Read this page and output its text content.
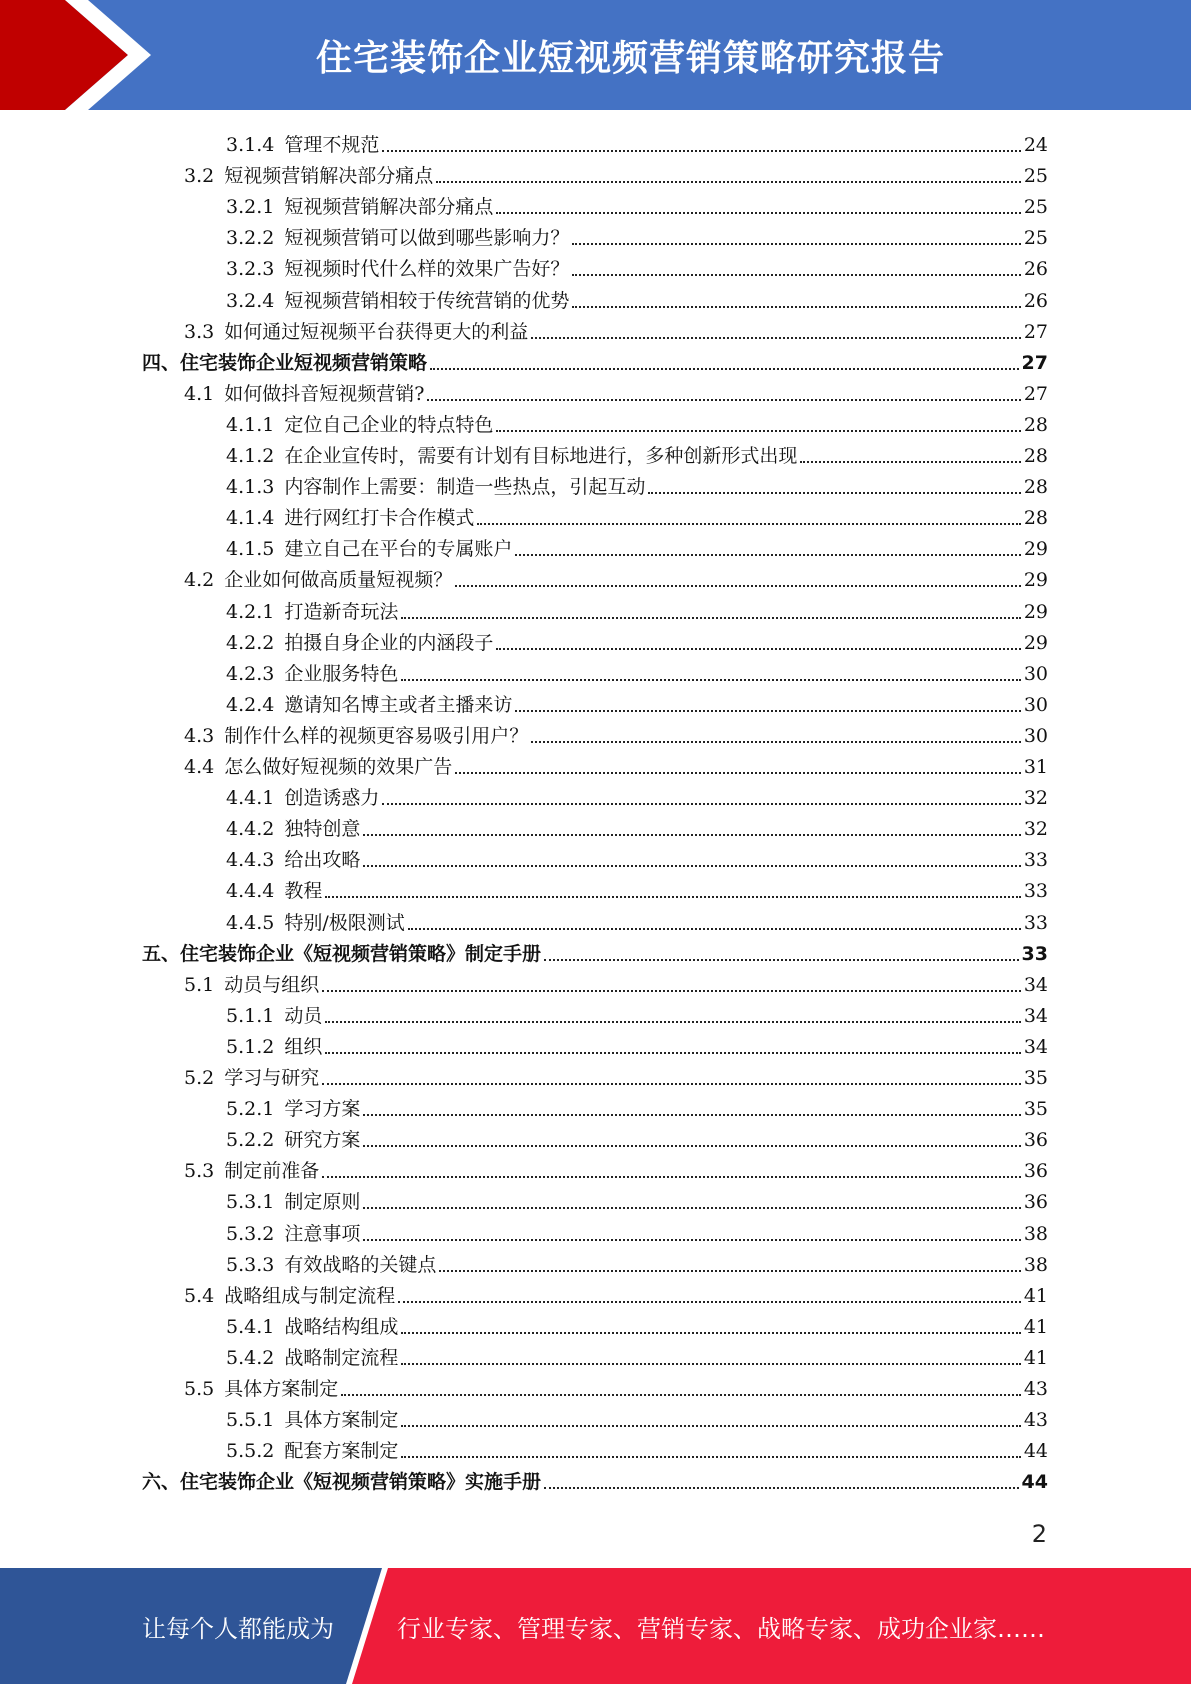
住宅装饰企业短视频营销策略研究报告
3.1.4 管理不规范	24
3.2 短视频营销解决部分痛点	25
3.2.1 短视频营销解决部分痛点	25
3.2.2 短视频营销可以做到哪些影响力？	25
3.2.3 短视频时代什么样的效果广告好？	26
3.2.4 短视频营销相较于传统营销的优势	26
3.3 如何通过短视频平台获得更大的利益	27
四、 住宅装饰企业短视频营销策略	27
4.1 如何做抖音短视频营销?	27
4.1.1 定位自己企业的特点特色	28
4.1.2 在企业宣传时，需要有计划有目标地进行，多种创新形式出现	28
4.1.3 内容制作上需要：制造一些热点，引起互动	28
4.1.4 进行网红打卡合作模式	28
4.1.5 建立自己在平台的专属账户	29
4.2 企业如何做高质量短视频？	29
4.2.1 打造新奇玩法	29
4.2.2 拍摄自身企业的内涵段子	29
4.2.3 企业服务特色	30
4.2.4 邀请知名博主或者主播来访	30
4.3 制作什么样的视频更容易吸引用户？	30
4.4 怎么做好短视频的效果广告	31
4.4.1 创造诱惑力	32
4.4.2 独特创意	32
4.4.3 给出攻略	33
4.4.4 教程	33
4.4.5 特别/极限测试	33
五、 住宅装饰企业《短视频营销策略》制定手册	33
5.1 动员与组织	34
5.1.1 动员	34
5.1.2 组织	34
5.2 学习与研究	35
5.2.1 学习方案	35
5.2.2 研究方案	36
5.3 制定前准备	36
5.3.1 制定原则	36
5.3.2 注意事项	38
5.3.3 有效战略的关键点	38
5.4 战略组成与制定流程	41
5.4.1 战略结构组成	41
5.4.2 战略制定流程	41
5.5 具体方案制定	43
5.5.1 具体方案制定	43
5.5.2 配套方案制定	44
六、 住宅装饰企业《短视频营销策略》实施手册	44
2
让每个人都能成为	行业专家、管理专家、营销专家、战略专家、成功企业家……
